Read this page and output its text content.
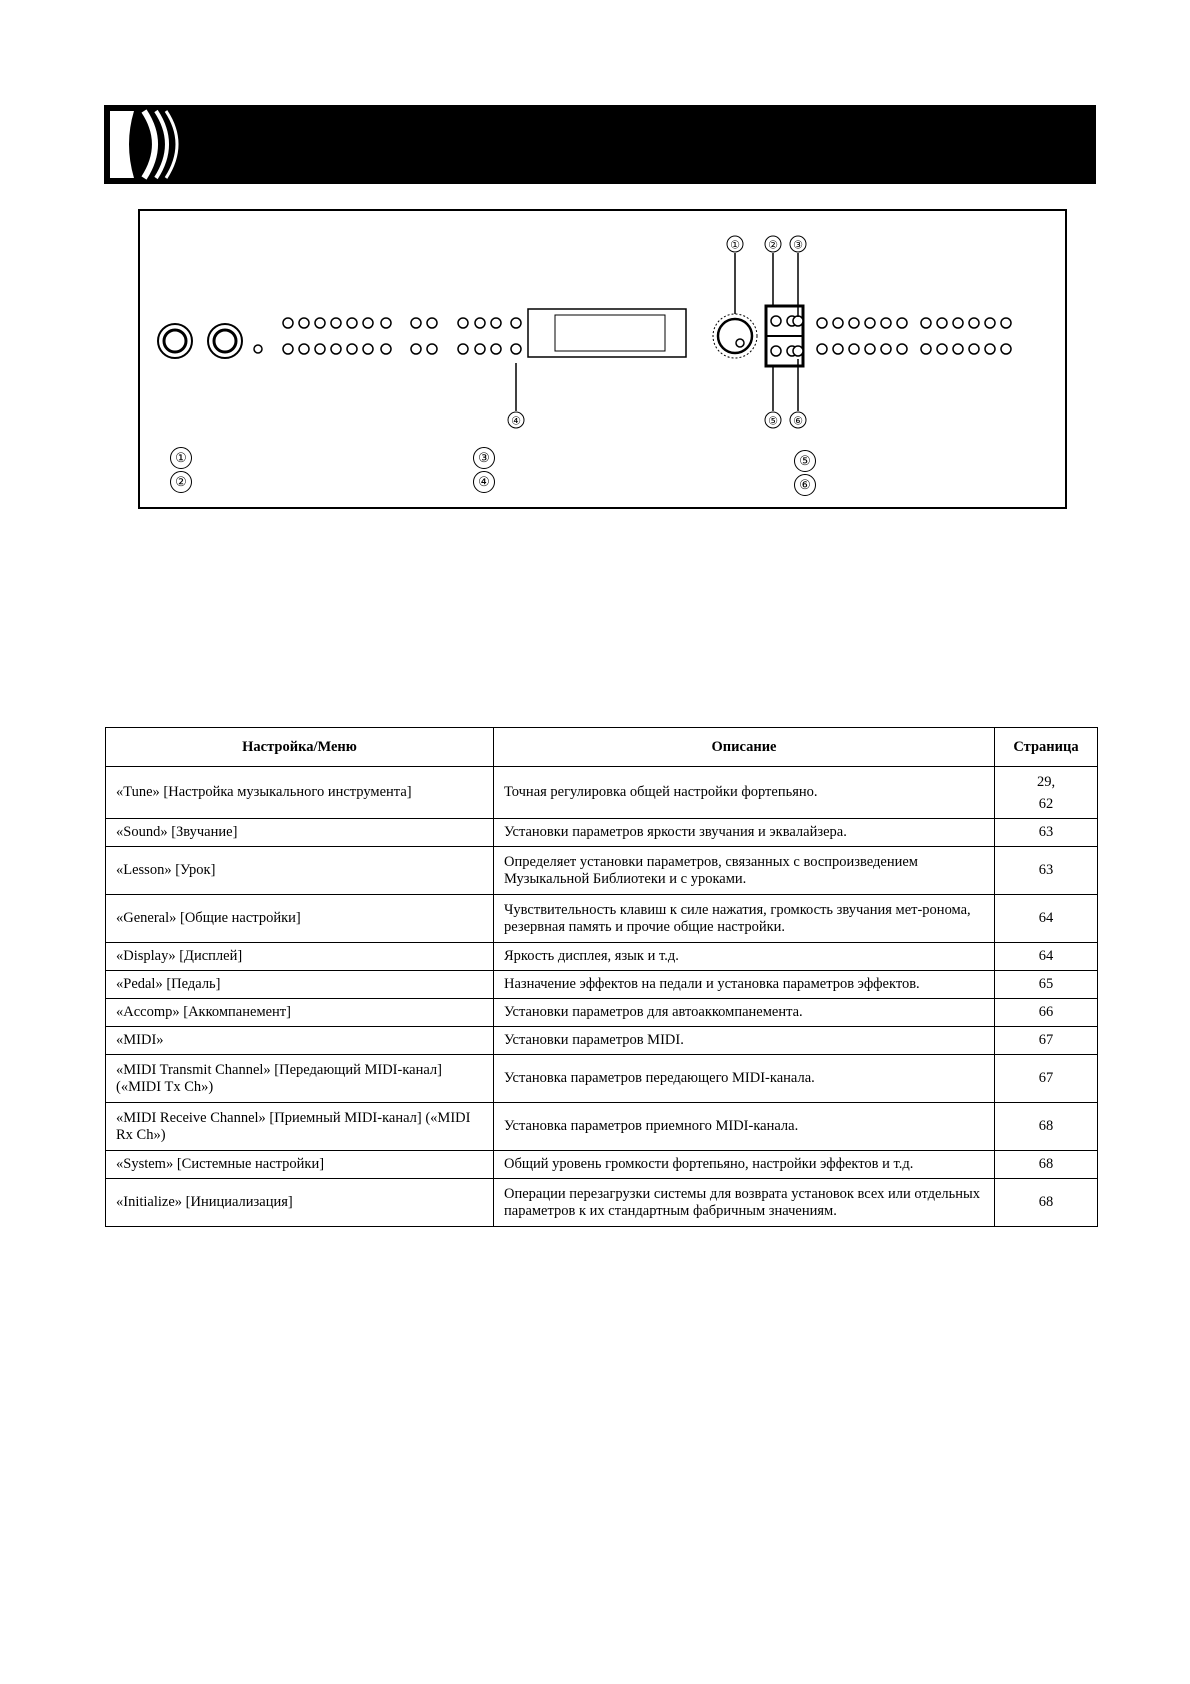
①	② ③
④	⑤ ⑥
①
②
③
④
⑤
⑥
Настройка/Меню	Описание	Страница
«Tune» [Настройка музыкального инструмента]	Точная регулировка общей настройки фортепьяно.	29,
62

«Sound» [Звучание]	Установки параметров яркости звучания и эквалайзера.	63
«Lesson» [Урок]	Определяет установки параметров, связанных с воспроизведением Музыкальной Библиотеки и с уроками.	63
«General» [Общие настройки]	Чувствительность клавиш к силе нажатия, громкость звучания мет-ронома, резервная память и прочие общие настройки.	64
«Display» [Дисплей]	Яркость дисплея, язык и т.д.	64
«Pedal» [Педаль]	Назначение эффектов на педали и установка параметров эффектов.	65
«Accomp» [Аккомпанемент]	Установки параметров для автоаккомпанемента.	66
«MIDI»	Установки параметров MIDI.	67
«MIDI Transmit Channel» [Передающий MIDI-канал] («MIDI Tx Ch»)	Установка параметров передающего MIDI-канала.	67
«MIDI Receive Channel» [Приемный MIDI-канал] («MIDI Rx Ch»)	Установка параметров приемного MIDI-канала.	68
«System» [Системные настройки]	Общий уровень громкости фортепьяно, настройки эффектов и т.д.	68
«Initialize» [Инициализация]	Операции перезагрузки системы для возврата установок всех или отдельных параметров к их стандартным фабричным значениям.	68
